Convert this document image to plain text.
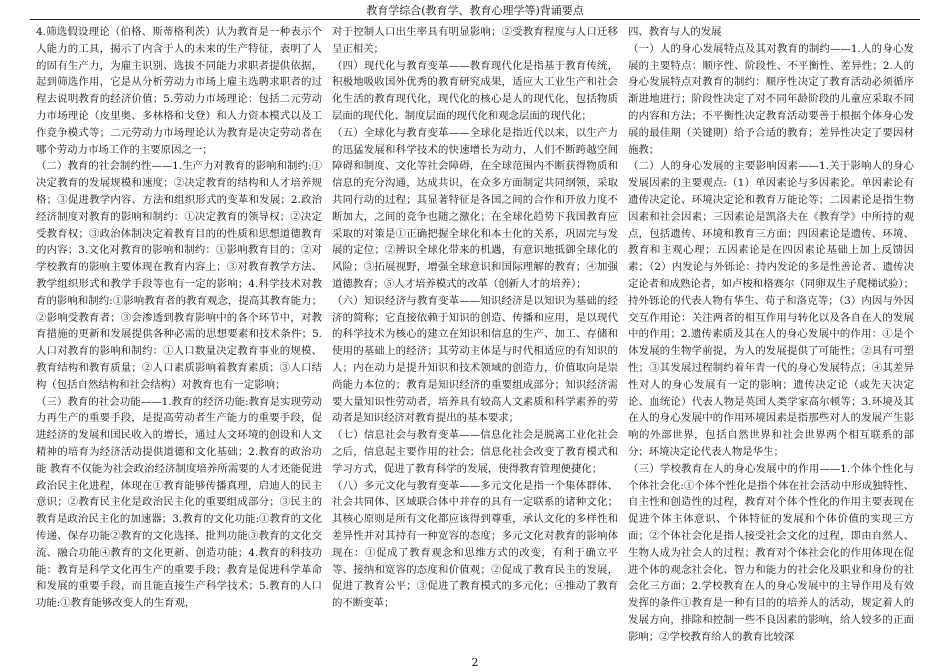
教育学综合(教育学、教育心理学等)背诵要点

4.筛选假设理论（伯格、斯蒂格利茨）认为教育是一种表示个人能力的工具，揭示了内含于人的未来的生产特征，表明了人的固有生产力，为雇主识别、选拔不同能力求职者提供依据，起到筛选作用，它是从分析劳动力市场上雇主选聘求职者的过程去说明教育的经济价值；5.劳动力市场理论：包括二元劳动力市场理论（皮里奥、多林格和戈登）和人力资本模式以及工作竞争模式等；二元劳动力市场理论认为教育是决定劳动者在哪个劳动力市场工作的主要原因之一；

（二）教育的社会制约性——1.生产力对教育的影响和制约:①决定教育的发展规模和速度；②决定教育的结构和人才培养规格；③促进教学内容、方法和组织形式的变革和发展；2.政治经济制度对教育的影响和制约：①决定教育的领导权；②决定受教育权；③政治体制决定着教育目的的性质和思想道德教育的内容；3.文化对教育的影响和制约：①影响教育目的；②对学校教育的影响主要体现在教育内容上；③对教育教学方法、教学组织形式和教学手段等也有一定的影响；4.科学技术对教育的影响和制约:①影响教育者的教育观念，提高其教育能力；②影响受教育者；③会渗透到教育影响中的各个环节中，对教育措施的更新和发展提供各种必需的思想要素和技术条件；5.人口对教育的影响和制约：①人口数量决定教育事业的规模、教育结构和教育质量；②人口素质影响着教育素质；③人口结构（包括自然结构和社会结构）对教育也有一定影响；

（三）教育的社会功能——1.教育的经济功能:教育是实现劳动力再生产的重要手段，是提高劳动者生产能力的重要手段，促进经济的发展和国民收入的增长，通过人文环境的创设和人文精神的培育为经济活动提供道德和文化基础；2.教育的政治功能 教育不仅能为社会政治经济制度培养所需要的人才还能促进政治民主化进程，体现在①教育能够传播真理，启迪人的民主意识；②教育民主化是政治民主化的重要组成部分；③民主的教育是政治民主化的加速器；3.教育的文化功能:①教育的文化传递、保存功能②教育的文化选择、批判功能③教育的文化交流、融合功能④教育的文化更新、创造功能；4.教育的科技功能：教育是科学文化再生产的重要手段；教育是促进科学革命和发展的重要手段，而且能直接生产科学技术；5.教育的人口功能:①教育能够改变人的生育观，

对于控制人口出生率具有明显影响；②受教育程度与人口迁移呈正相关；

（四）现代化与教育变革——教育现代化是指基于教育传统，积极地吸收国外优秀的教育研究成果，适应大工业生产和社会化生活的教育现代化，现代化的核心是人的现代化，包括物质层面的现代化、制度层面的现代化和观念层面的现代化；

（五）全球化与教育变革——全球化是指近代以来，以生产力的迅猛发展和科学技术的快速增长为动力，人们不断跨越空间障碍和制度、文化等社会障碍，在全球范围内不断获得物质和信息的充分沟通，达成共识，在众多方面制定共同纲领，采取共同行动的过程；其显著特征是各国之间的合作和开放力度不断加大，之间的竞争也随之激化；在全球化趋势下我国教育应采取的对策是①正确把握全球化和本土化的关系，巩固完与发展的定位；②辨识全球化带来的机遇，有意识地抵御全球化的风险；③拓展视野，增强全球意识和国际理解的教育；④加强道德教育；⑤人才培养模式的改革（创新人才的培养）；

（六）知识经济与教育变革——知识经济是以知识为基础的经济的简称；它直接依赖于知识的创造、传播和应用，是以现代的科学技术为核心的建立在知识和信息的生产、加工、存储和使用的基础上的经济；其劳动主体是与时代相适应的有知识的人；内在动力是提升知识和技术领域的创造力，价值取向是崇尚能力本位的；教育是知识经济的重要组成部分；知识经济需要大量知识性劳动者，培养具有较高人文素质和科学素养的劳动者是知识经济对教育提出的基本要求；

（七）信息社会与教育变革——信息化社会是脱离工业化社会之后，信息起主要作用的社会；信息化社会改变了教育模式和学习方式，促进了教育科学的发展，使得教育管理便捷化；

（八）多元文化与教育变革——多元文化是指一个集体群体、社会共同体、区域联合体中并存的具有一定联系的诸种文化；其核心原则是所有文化都应该得到尊重，承认文化的多样性和差异性并对其持有一种宽容的态度；多元文化对教育的影响体现在：①促成了教育观念和思维方式的改变，有利于确立平等、接纳和宽容的态度和价值观；②促成了教育民主的发展，促进了教育公平；③促进了教育模式的多元化；④推动了教育的不断变革；

四、教育与人的发展

（一）人的身心发展特点及其对教育的制约——1.人的身心发展的主要特点：顺序性、阶段性、不平衡性、差异性；2.人的身心发展特点对教育的制约：顺序性决定了教育活动必须循序渐进地进行；阶段性决定了对不同年龄阶段的儿童应采取不同的内容和方法；不平衡性决定教育活动要善于根据个体身心发展的最佳期（关键期）给予合适的教育；差异性决定了要因材施教；

（二）人的身心发展的主要影响因素——1.关于影响人的身心发展因素的主要观点:（1）单因素论与多因素论。单因素论有遗传决定论、环境决定论和教育万能论等；二因素论是指生物因素和社会因素；三因素论是凯洛夫在《教育学》中所持的观点，包括遗传、环境和教育三方面；四因素论是遗传、环境、教育和主观心理；五因素论是在四因素论基础上加上反馈因素；（2）内发论与外铄论：持内发论的多是性善论者、遗传决定论者和成熟论者，如卢梭和格赛尔（同卵双生子爬梯试验）；持外铄论的代表人物有华生、荀子和洛克等；（3）内因与外因交互作用论：关注两者的相互作用与转化以及各自在人的发展中的作用；2.遗传素质及其在人的身心发展中的作用：①是个体发展的生物学前提，为人的发展提供了可能性；②具有可塑性；③其发展过程制约着年青一代的身心发展特点；④其差异性对人的身心发展有一定的影响；遗传决定论（或先天决定论、血统论）代表人物是英国人类学家高尔顿等；3.环境及其在人的身心发展中的作用环境因素是指那些对人的发展产生影响的外部世界，包括自然世界和社会世界两个相互联系的部分；环境决定论代表人物是华生；

（三）学校教育在人的身心发展中的作用——1.个体个性化与个体社会化:①个体个性化是指个体在社会活动中形成独特性、自主性和创造性的过程，教育对个体个性化的作用主要表现在促进个体主体意识、个体特征的发展和个体价值的实现三方面；②个体社会化是指人接受社会文化的过程，即由自然人、生物人成为社会人的过程；教育对个体社会化的作用体现在促进个体的观念社会化、智力和能力的社会化及职业和身份的社会化三方面；2.学校教育在人的身心发展中的主导作用及有效发挥的条件①教育是一种有目的的培养人的活动，规定着人的发展方向，排除和控制一些不良因素的影响，给人较多的正面影响；②学校教育给人的教育比较深

2
